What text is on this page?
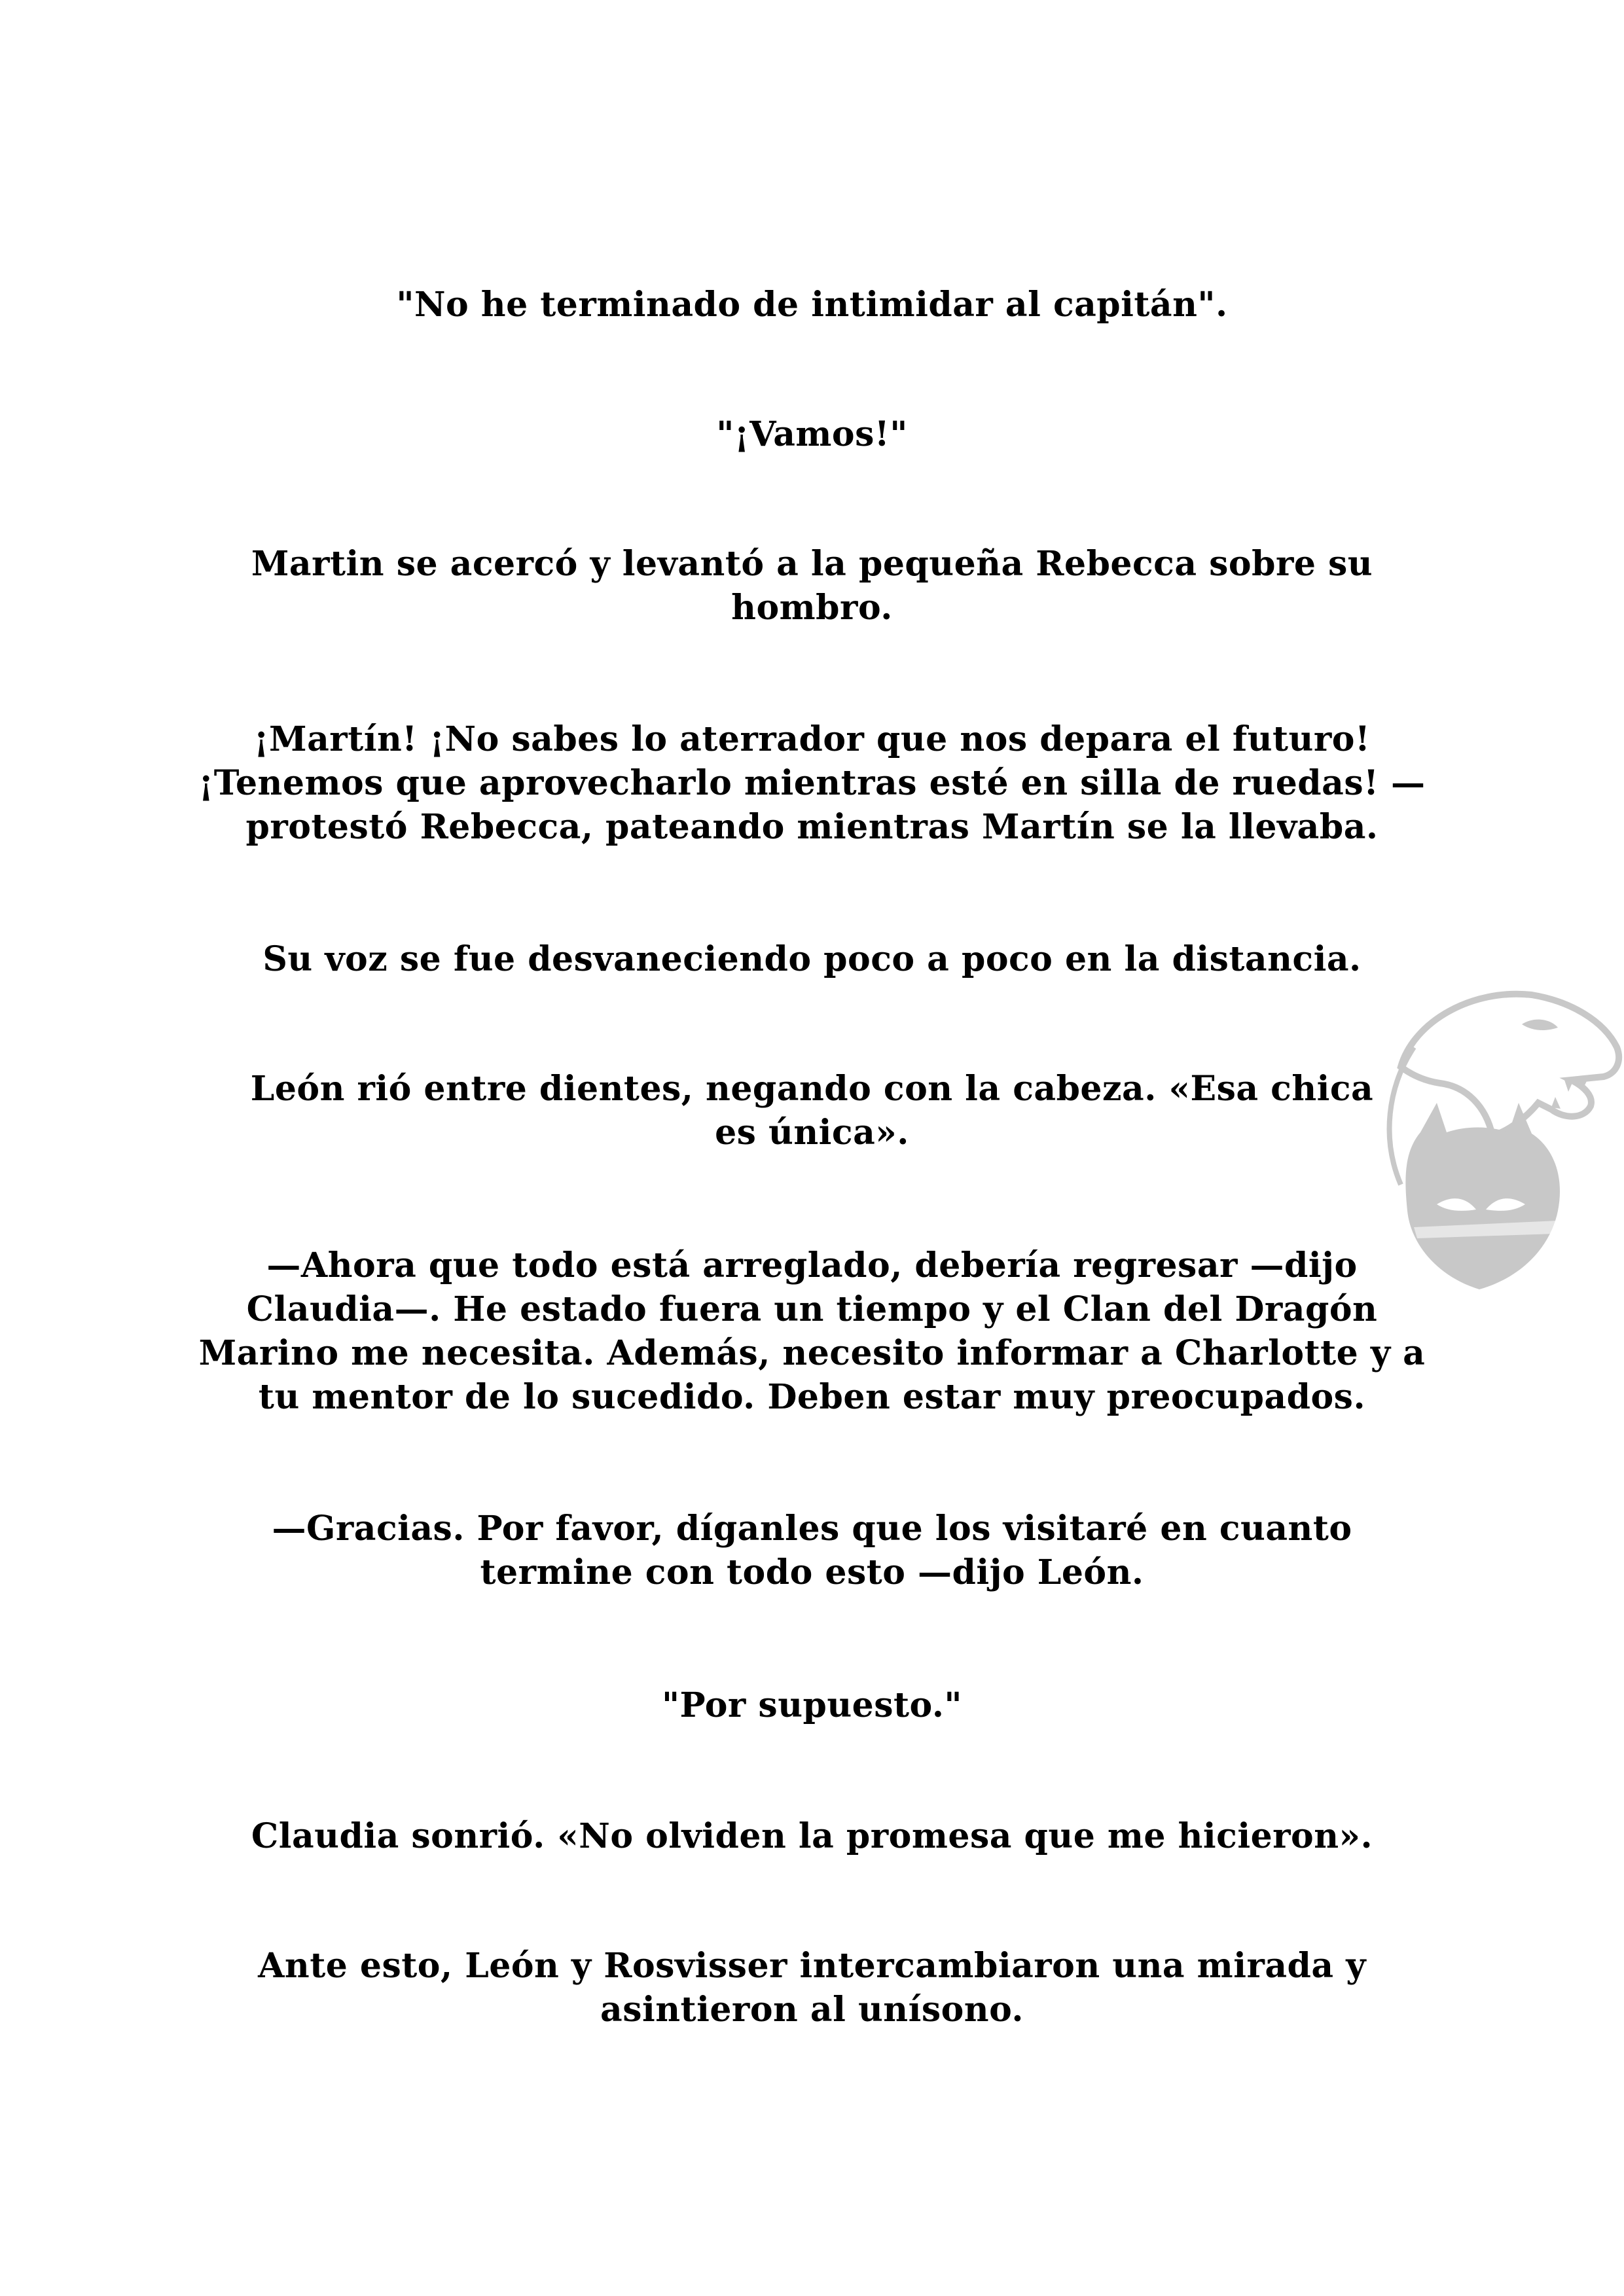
"No he terminado de intimidar al capitán".

"¡Vamos!"

Martin se acercó y levantó a la pequeña Rebecca sobre su hombro.

¡Martín! ¡No sabes lo aterrador que nos depara el futuro! ¡Tenemos que aprovecharlo mientras esté en silla de ruedas! —protestó Rebecca, pateando mientras Martín se la llevaba.

Su voz se fue desvaneciendo poco a poco en la distancia.

León rió entre dientes, negando con la cabeza. «Esa chica es única».

—Ahora que todo está arreglado, debería regresar —dijo Claudia—. He estado fuera un tiempo y el Clan del Dragón Marino me necesita. Además, necesito informar a Charlotte y a tu mentor de lo sucedido. Deben estar muy preocupados.

—Gracias. Por favor, díganles que los visitaré en cuanto termine con todo esto —dijo León.

"Por supuesto."

Claudia sonrió. «No olviden la promesa que me hicieron».

Ante esto, León y Rosvisser intercambiaron una mirada y asintieron al unísono.
